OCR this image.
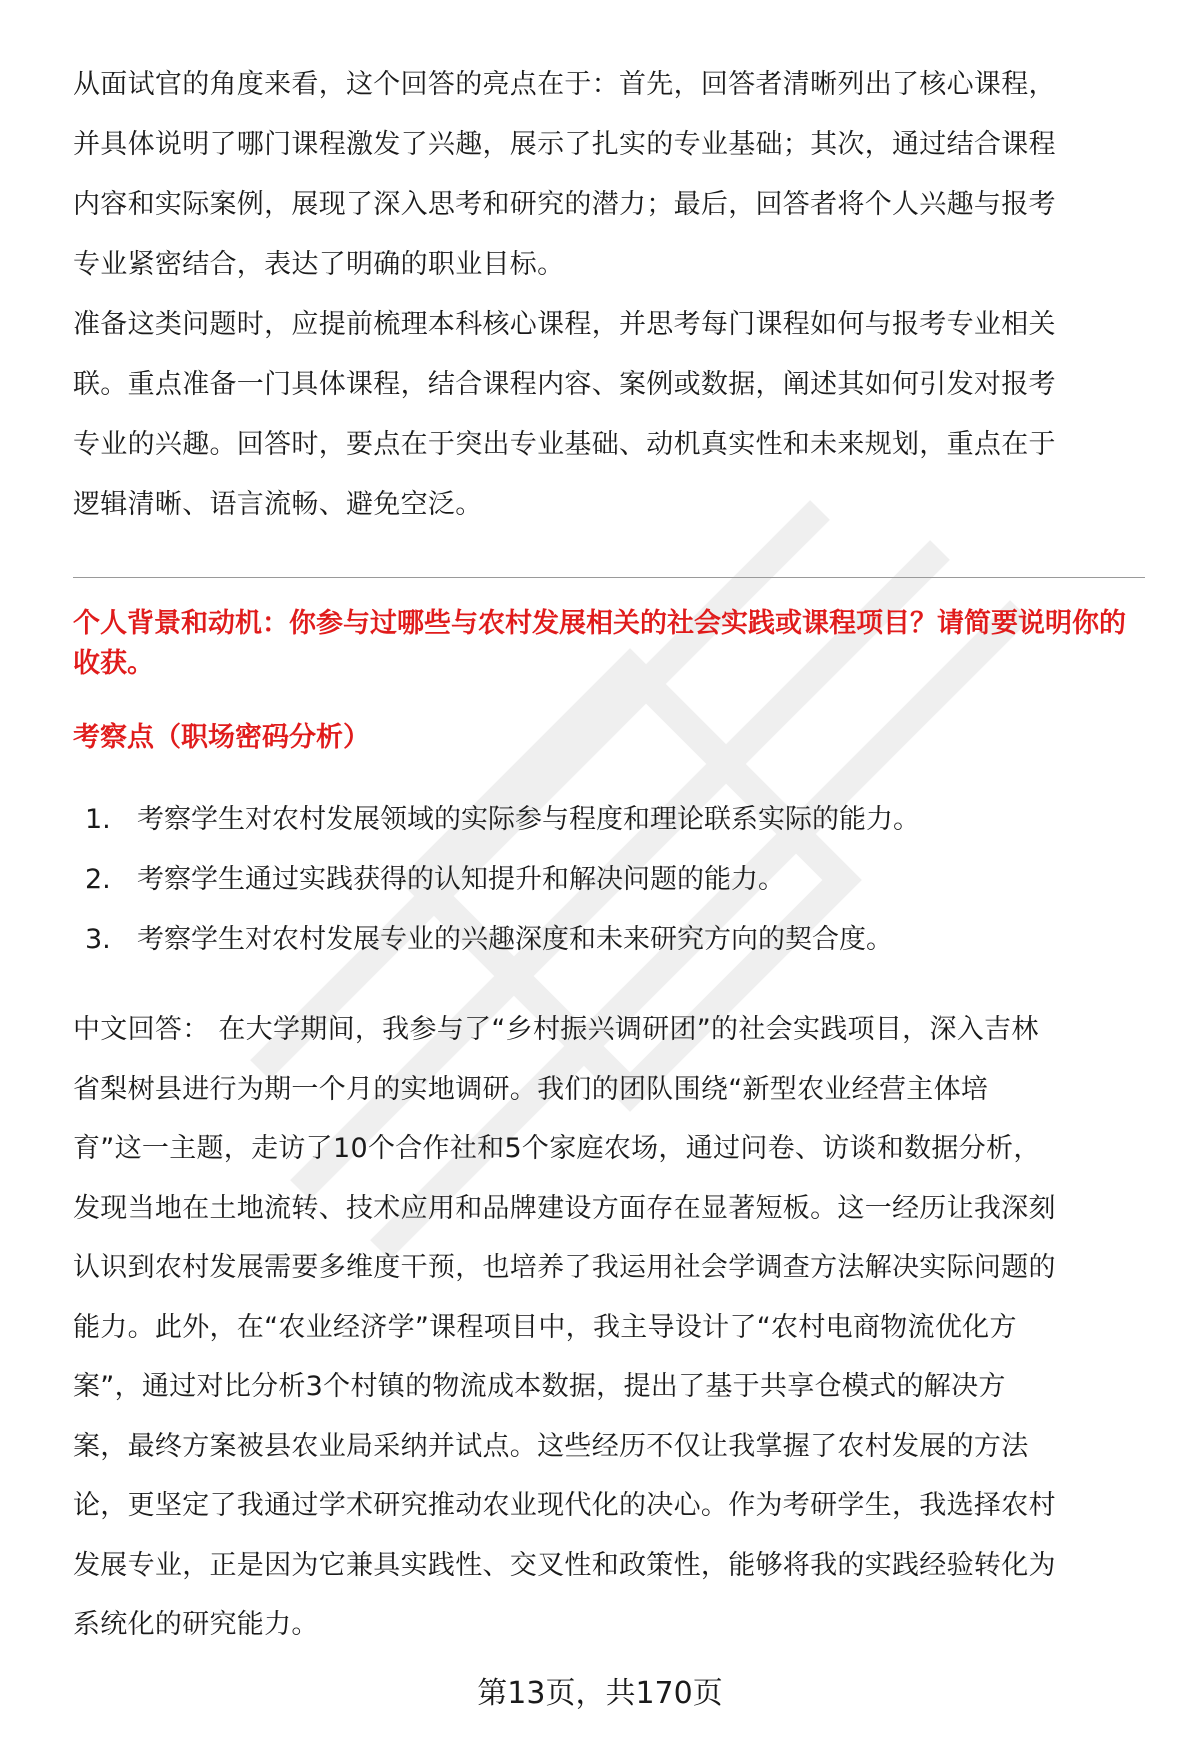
从面试官的角度来看，这个回答的亮点在于：首先，回答者清晰列出了核心课程，

并具体说明了哪门课程激发了兴趣，展示了扎实的专业基础；其次，通过结合课程

内容和实际案例，展现了深入思考和研究的潜力；最后，回答者将个人兴趣与报考

专业紧密结合，表达了明确的职业目标。

准备这类问题时，应提前梳理本科核心课程，并思考每门课程如何与报考专业相关

联。重点准备一门具体课程，结合课程内容、案例或数据，阐述其如何引发对报考

专业的兴趣。回答时，要点在于突出专业基础、动机真实性和未来规划，重点在于

逻辑清晰、语言流畅、避免空泛。

个人背景和动机：你参与过哪些与农村发展相关的社会实践或课程项目？请简要说明你的收获。

考察点（职场密码分析）

1. 考察学生对农村发展领域的实际参与程度和理论联系实际的能力。
2. 考察学生通过实践获得的认知提升和解决问题的能力。
3. 考察学生对农村发展专业的兴趣深度和未来研究方向的契合度。
中文回答： 在大学期间，我参与了“乡村振兴调研团”的社会实践项目，深入吉林
省梨树县进行为期一个月的实地调研。我们的团队围绕“新型农业经营主体培
育”这一主题，走访了10个合作社和5个家庭农场，通过问卷、访谈和数据分析，
发现当地在土地流转、技术应用和品牌建设方面存在显著短板。这一经历让我深刻
认识到农村发展需要多维度干预，也培养了我运用社会学调查方法解决实际问题的
能力。此外，在“农业经济学”课程项目中，我主导设计了“农村电商物流优化方
案”，通过对比分析3个村镇的物流成本数据，提出了基于共享仓模式的解决方
案，最终方案被县农业局采纳并试点。这些经历不仅让我掌握了农村发展的方法
论，更坚定了我通过学术研究推动农业现代化的决心。作为考研学生，我选择农村
发展专业，正是因为它兼具实践性、交叉性和政策性，能够将我的实践经验转化为
系统化的研究能力。
第13页，共170页
